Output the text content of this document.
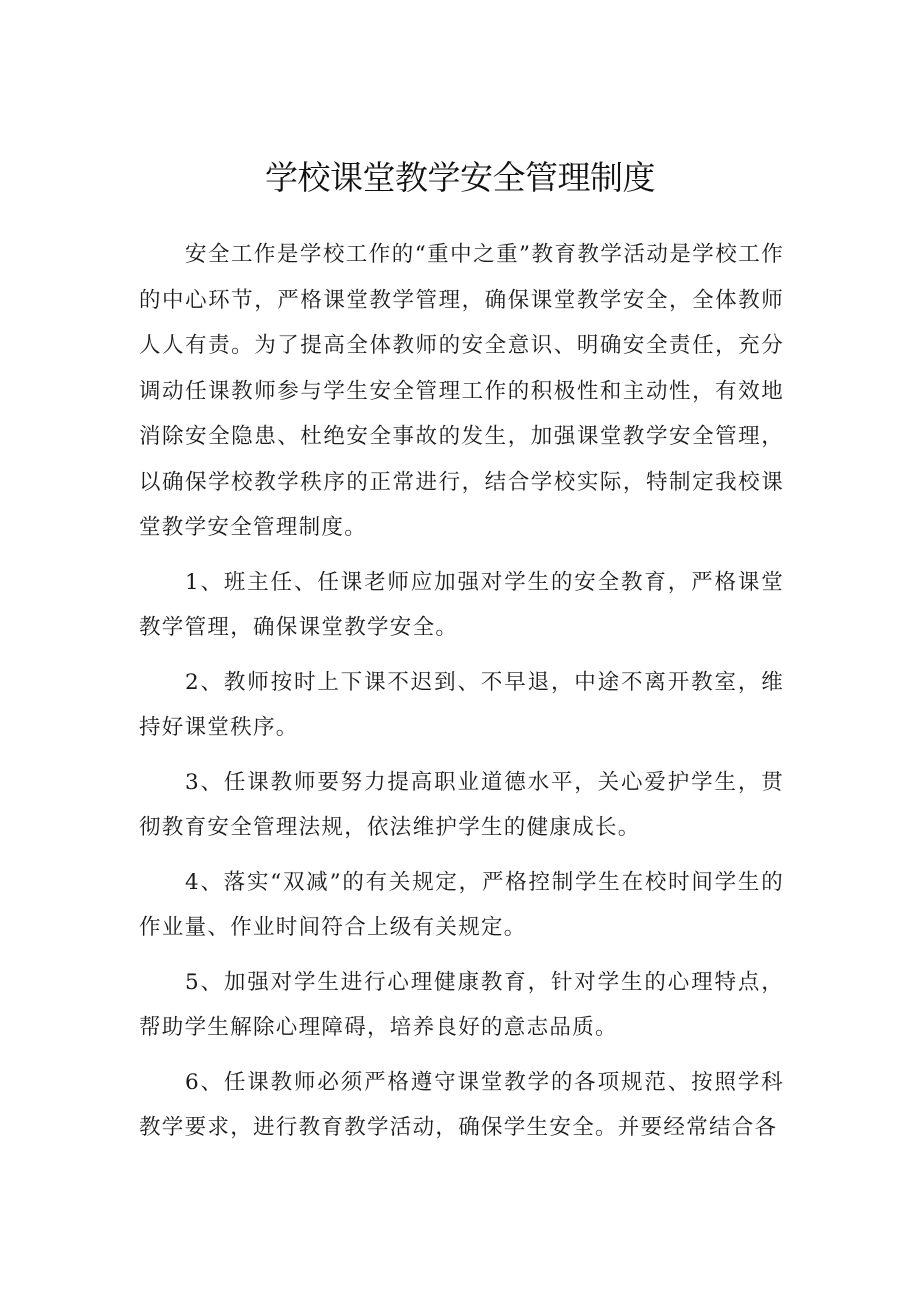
学校课堂教学安全管理制度

安全工作是学校工作的“重中之重”教育教学活动是学校工作的中心环节，严格课堂教学管理，确保课堂教学安全，全体教师人人有责。为了提高全体教师的安全意识、明确安全责任，充分调动任课教师参与学生安全管理工作的积极性和主动性，有效地消除安全隐患、杜绝安全事故的发生，加强课堂教学安全管理，以确保学校教学秩序的正常进行，结合学校实际，特制定我校课堂教学安全管理制度。

1、班主任、任课老师应加强对学生的安全教育，严格课堂教学管理，确保课堂教学安全。

2、教师按时上下课不迟到、不早退，中途不离开教室，维持好课堂秩序。

3、任课教师要努力提高职业道德水平，关心爱护学生，贯彻教育安全管理法规，依法维护学生的健康成长。

4、落实“双减”的有关规定，严格控制学生在校时间学生的作业量、作业时间符合上级有关规定。

5、加强对学生进行心理健康教育，针对学生的心理特点，帮助学生解除心理障碍，培养良好的意志品质。

6、任课教师必须严格遵守课堂教学的各项规范、按照学科教学要求，进行教育教学活动，确保学生安全。并要经常结合各
